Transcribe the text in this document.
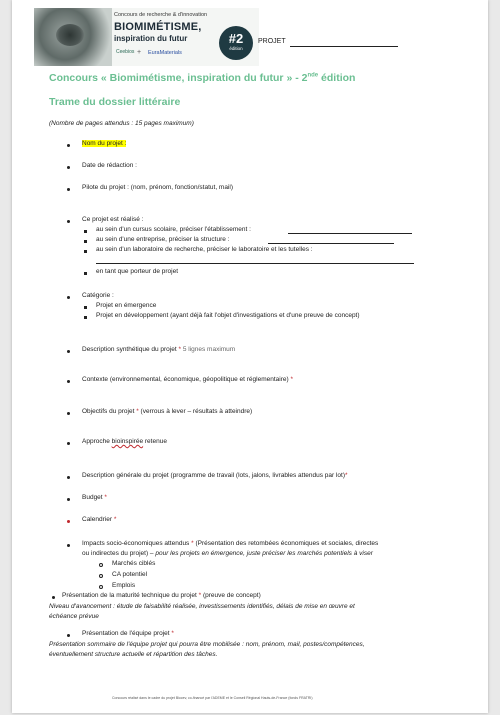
Concours de recherche & d'innovation
BIOMIMÉTISME,
inspiration du futur
Ceebios + EuraMaterials
#2
édition
PROJET
Concours « Biomimétisme, inspiration du futur » - 2nde édition
Trame du dossier littéraire
(Nombre de pages attendus : 15 pages maximum)
Nom du projet :
Date de rédaction :
Pilote du projet : (nom, prénom, fonction/statut, mail)
Ce projet est réalisé :
au sein d'un cursus scolaire, préciser l'établissement :
au sein d'une entreprise, préciser la structure :
au sein d'un laboratoire de recherche, préciser le laboratoire et les tutelles :
en tant que porteur de projet
Catégorie :
Projet en émergence
Projet en développement (ayant déjà fait l'objet d'investigations et d'une preuve de concept)
Description synthétique du projet * 5 lignes maximum
Contexte (environnemental, économique, géopolitique et réglementaire) *
Objectifs du projet * (verrous à lever – résultats à atteindre)
Approche bioinspirée retenue
Description générale du projet (programme de travail (lots, jalons, livrables attendus par lot)*
Budget *
Calendrier *
Impacts socio-économiques attendus * (Présentation des retombées économiques et sociales, directes
ou indirectes du projet) – pour les projets en émergence, juste préciser les marchés potentiels à viser
Marchés ciblés
CA potentiel
Emplois
Présentation de la maturité technique du projet * (preuve de concept)
Niveau d'avancement : étude de faisabilité réalisée, investissements identifiés, délais de mise en œuvre et
échéance prévue
Présentation de l'équipe projet *
Présentation sommaire de l'équipe projet qui pourra être mobilisée : nom, prénom, mail, postes/compétences,
éventuellement structure actuelle et répartition des tâches.
Concours réalisé dans le cadre du projet Biocev, co-financé par l'ADEME et le Conseil Régional Hauts-de-France (fonds FRATRI)
